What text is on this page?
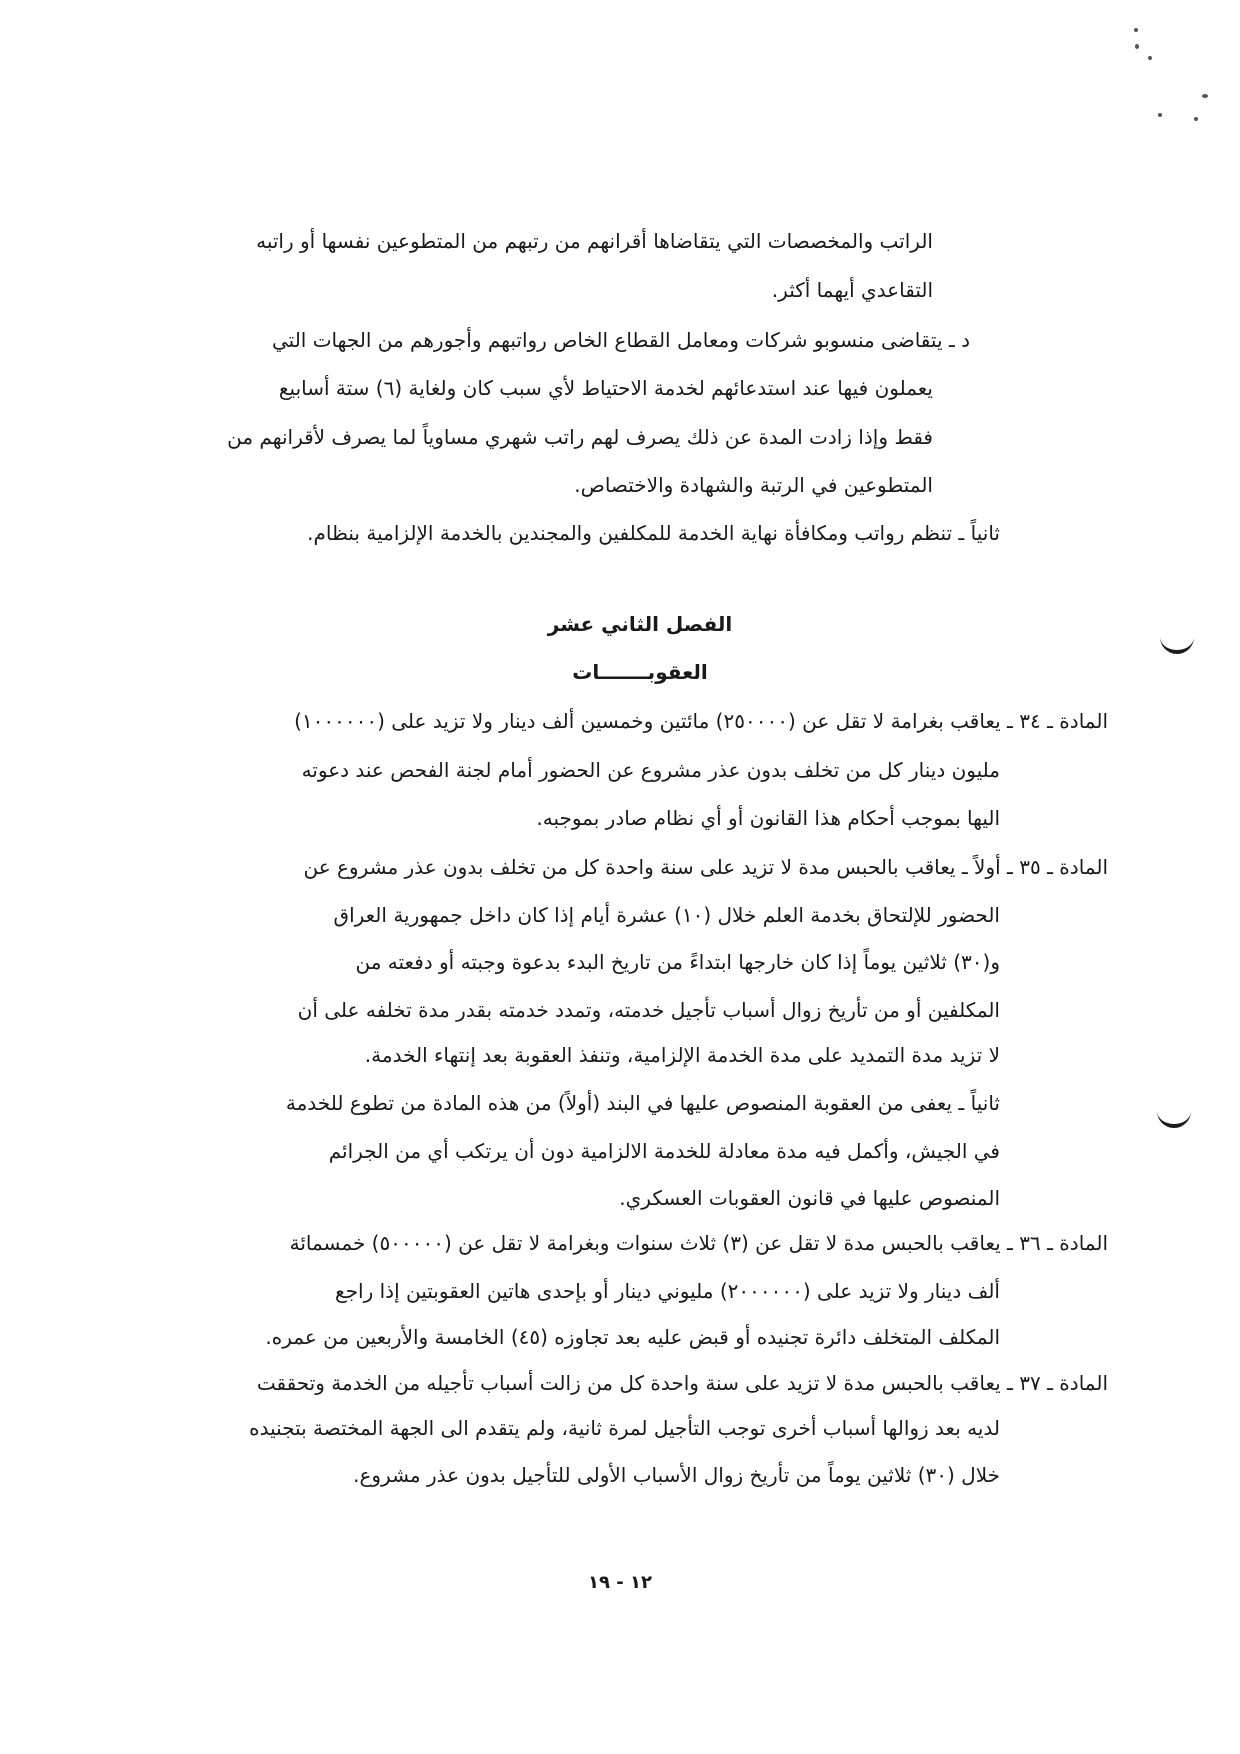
الراتب والمخصصات التي يتقاضاها أقرانهم من رتبهم من المتطوعين نفسها أو راتبه
التقاعدي أيهما أكثر.
د ـ يتقاضى منسوبو شركات ومعامل القطاع الخاص رواتبهم وأجورهم من الجهات التي
يعملون فيها عند استدعائهم لخدمة الاحتياط لأي سبب كان ولغاية (٦) ستة أسابيع
فقط وإذا زادت المدة عن ذلك يصرف لهم راتب شهري مساوياً لما يصرف لأقرانهم من
المتطوعين في الرتبة والشهادة والاختصاص.
ثانياً ـ تنظم رواتب ومكافأة نهاية الخدمة للمكلفين والمجندين بالخدمة الإلزامية بنظام.
الفصل الثاني عشر
العقوبـــــــات
المادة ـ ٣٤ ـ يعاقب بغرامة لا تقل عن (٢٥٠٠٠٠) مائتين وخمسين ألف دينار ولا تزيد على (١٠٠٠٠٠٠)
مليون دينار كل من تخلف بدون عذر مشروع عن الحضور أمام لجنة الفحص عند دعوته
اليها بموجب أحكام هذا القانون أو أي نظام صادر بموجبه.
المادة ـ ٣٥ ـ أولاً ـ يعاقب بالحبس مدة لا تزيد على سنة واحدة كل من تخلف بدون عذر مشروع عن
الحضور للإلتحاق بخدمة العلم خلال (١٠) عشرة أيام إذا كان داخل جمهورية العراق
و(٣٠) ثلاثين يوماً إذا كان خارجها ابتداءً من تاريخ البدء بدعوة وجبته أو دفعته من
المكلفين أو من تأريخ زوال أسباب تأجيل خدمته، وتمدد خدمته بقدر مدة تخلفه على أن
لا تزيد مدة التمديد على مدة الخدمة الإلزامية، وتنفذ العقوبة بعد إنتهاء الخدمة.
ثانياً ـ يعفى من العقوبة المنصوص عليها في البند (أولاً) من هذه المادة من تطوع للخدمة
في الجيش، وأكمل فيه مدة معادلة للخدمة الالزامية دون أن يرتكب أي من الجرائم
المنصوص عليها في قانون العقوبات العسكري.
المادة ـ ٣٦ ـ يعاقب بالحبس مدة لا تقل عن (٣) ثلاث سنوات وبغرامة لا تقل عن (٥٠٠٠٠٠) خمسمائة
ألف دينار ولا تزيد على (٢٠٠٠٠٠٠) مليوني دينار أو بإحدى هاتين العقوبتين إذا راجع
المكلف المتخلف دائرة تجنيده أو قبض عليه بعد تجاوزه (٤٥) الخامسة والأربعين من عمره.
المادة ـ ٣٧ ـ يعاقب بالحبس مدة لا تزيد على سنة واحدة كل من زالت أسباب تأجيله من الخدمة وتحققت
لديه بعد زوالها أسباب أخرى توجب التأجيل لمرة ثانية، ولم يتقدم الى الجهة المختصة بتجنيده
خلال (٣٠) ثلاثين يوماً من تأريخ زوال الأسباب الأولى للتأجيل بدون عذر مشروع.
١٢ - ١٩
